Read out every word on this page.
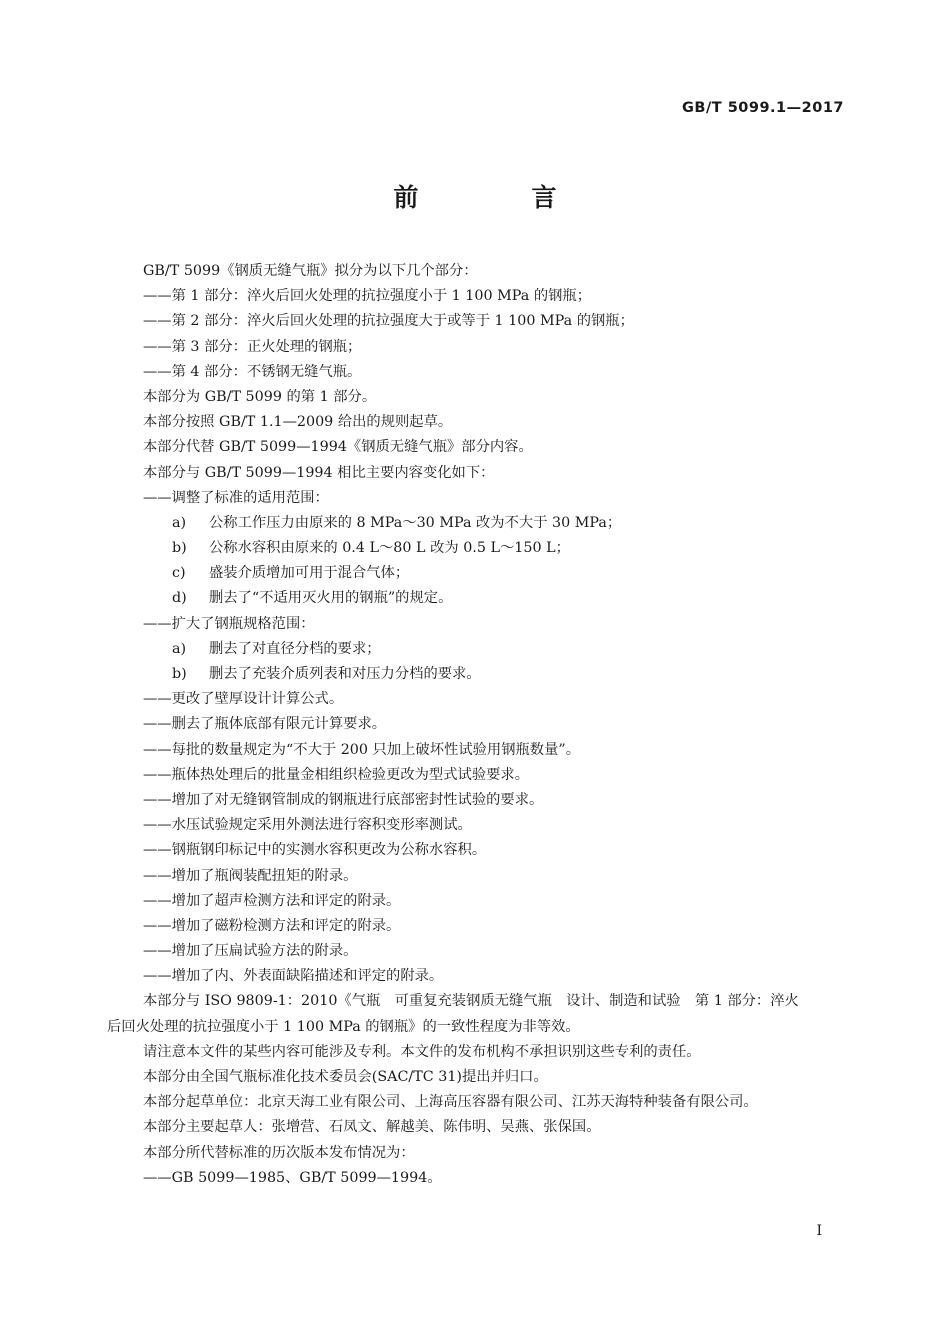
GB/T 5099.1—2017
前　言
GB/T 5099《钢质无缝气瓶》拟分为以下几个部分：
——第 1 部分：淬火后回火处理的抗拉强度小于 1 100 MPa 的钢瓶；
——第 2 部分：淬火后回火处理的抗拉强度大于或等于 1 100 MPa 的钢瓶；
——第 3 部分：正火处理的钢瓶；
——第 4 部分：不锈钢无缝气瓶。
本部分为 GB/T 5099 的第 1 部分。
本部分按照 GB/T 1.1—2009 给出的规则起草。
本部分代替 GB/T 5099—1994《钢质无缝气瓶》部分内容。
本部分与 GB/T 5099—1994 相比主要内容变化如下：
——调整了标准的适用范围：
a) 公称工作压力由原来的 8 MPa～30 MPa 改为不大于 30 MPa；
b) 公称水容积由原来的 0.4 L～80 L 改为 0.5 L～150 L；
c) 盛装介质增加可用于混合气体；
d) 删去了“不适用灭火用的钢瓶”的规定。
——扩大了钢瓶规格范围：
a) 删去了对直径分档的要求；
b) 删去了充装介质列表和对压力分档的要求。
——更改了壁厚设计计算公式。
——删去了瓶体底部有限元计算要求。
——每批的数量规定为“不大于 200 只加上破坏性试验用钢瓶数量”。
——瓶体热处理后的批量金相组织检验更改为型式试验要求。
——增加了对无缝钢管制成的钢瓶进行底部密封性试验的要求。
——水压试验规定采用外测法进行容积变形率测试。
——钢瓶钢印标记中的实测水容积更改为公称水容积。
——增加了瓶阀装配扭矩的附录。
——增加了超声检测方法和评定的附录。
——增加了磁粉检测方法和评定的附录。
——增加了压扁试验方法的附录。
——增加了内、外表面缺陷描述和评定的附录。
本部分与 ISO 9809-1：2010《气瓶　可重复充装钢质无缝气瓶　设计、制造和试验　第 1 部分：淬火
后回火处理的抗拉强度小于 1 100 MPa 的钢瓶》的一致性程度为非等效。
请注意本文件的某些内容可能涉及专利。本文件的发布机构不承担识别这些专利的责任。
本部分由全国气瓶标准化技术委员会(SAC/TC 31)提出并归口。
本部分起草单位：北京天海工业有限公司、上海高压容器有限公司、江苏天海特种装备有限公司。
本部分主要起草人：张增营、石凤文、解越美、陈伟明、吴燕、张保国。
本部分所代替标准的历次版本发布情况为：
——GB 5099—1985、GB/T 5099—1994。
Ⅰ
